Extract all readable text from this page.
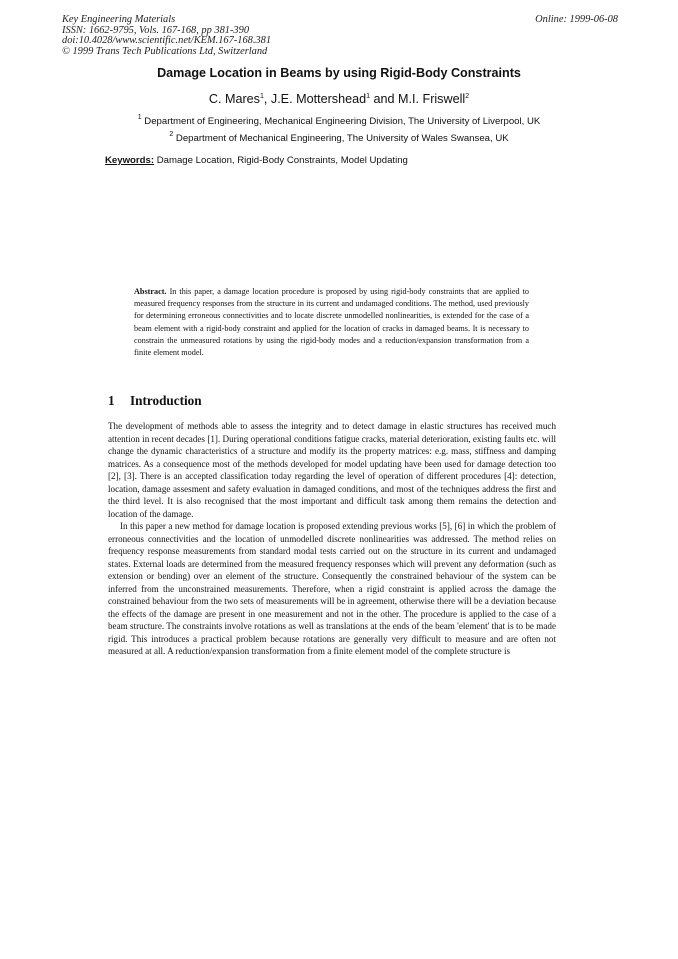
Key Engineering Materials
ISSN: 1662-9795, Vols. 167-168, pp 381-390
doi:10.4028/www.scientific.net/KEM.167-168.381
© 1999 Trans Tech Publications Ltd, Switzerland
Online: 1999-06-08
Damage Location in Beams by using Rigid-Body Constraints
C. Mares$^1$, J.E. Mottershead$^1$ and M.I. Friswell$^2$
$^1$ Department of Engineering, Mechanical Engineering Division, The University of Liverpool, UK
$^2$ Department of Mechanical Engineering, The University of Wales Swansea, UK
Keywords: Damage Location, Rigid-Body Constraints, Model Updating
Abstract. In this paper, a damage location procedure is proposed by using rigid-body constraints that are applied to measured frequency responses from the structure in its current and undamaged conditions. The method, used previously for determining erroneous connectivities and to locate discrete unmodelled nonlinearities, is extended for the case of a beam element with a rigid-body constraint and applied for the location of cracks in damaged beams. It is necessary to constrain the unmeasured rotations by using the rigid-body modes and a reduction/expansion transformation from a finite element model.
1 Introduction

The development of methods able to assess the integrity and to detect damage in elastic structures has received much attention in recent decades [1]. During operational conditions fatigue cracks, material deterioration, existing faults etc. will change the dynamic characteristics of a structure and modify its the property matrices: e.g. mass, stiffness and damping matrices. As a consequence most of the methods developed for model updating have been used for damage detection too [2], [3]. There is an accepted classification today regarding the level of operation of different procedures [4]: detection, location, damage assesment and safety evaluation in damaged conditions, and most of the techniques address the first and the third level. It is also recognised that the most important and difficult task among them remains the detection and location of the damage.

In this paper a new method for damage location is proposed extending previous works [5], [6] in which the problem of erroneous connectivities and the location of unmodelled discrete nonlinearities was addressed. The method relies on frequency response measurements from standard modal tests carried out on the structure in its current and undamaged states. External loads are determined from the measured frequency responses which will prevent any deformation (such as extension or bending) over an element of the structure. Consequently the constrained behaviour of the system can be inferred from the unconstrained measurements. Therefore, when a rigid constraint is applied across the damage the constrained behaviour from the two sets of measurements will be in agreement, otherwise there will be a deviation because the effects of the damage are present in one measurement and not in the other. The procedure is applied to the case of a beam structure. The constraints involve rotations as well as translations at the ends of the beam 'element' that is to be made rigid. This introduces a practical problem because rotations are generally very difficult to measure and are often not measured at all. A reduction/expansion transformation from a finite element model of the complete structure is
